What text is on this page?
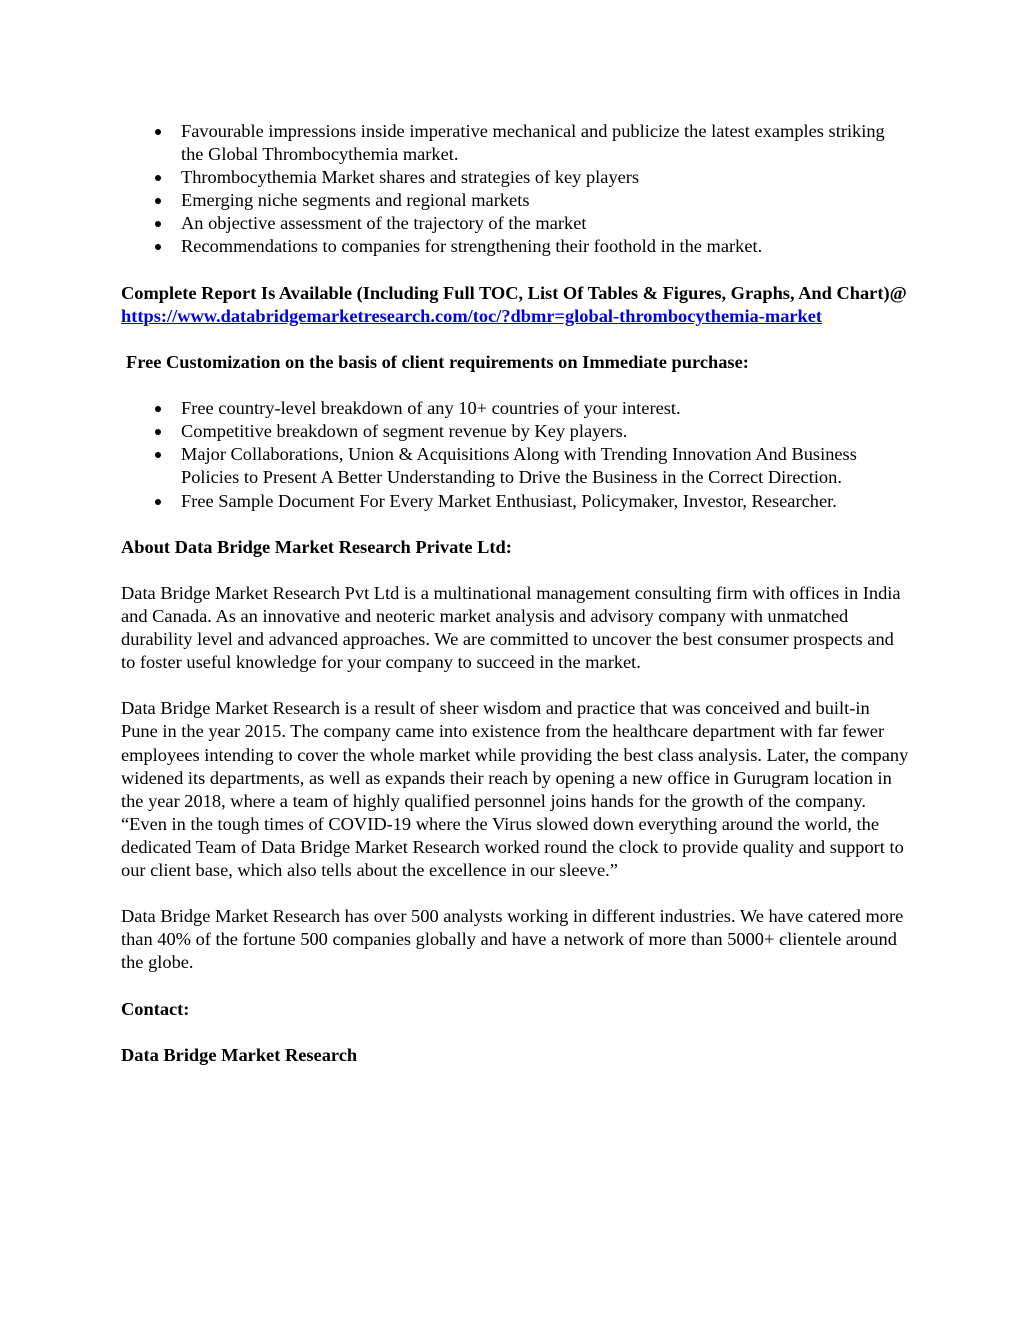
Favourable impressions inside imperative mechanical and publicize the latest examples striking the Global Thrombocythemia market.
Thrombocythemia Market shares and strategies of key players
Emerging niche segments and regional markets
An objective assessment of the trajectory of the market
Recommendations to companies for strengthening their foothold in the market.

Complete Report Is Available (Including Full TOC, List Of Tables & Figures, Graphs, And Chart)@ https://www.databridgemarketresearch.com/toc/?dbmr=global-thrombocythemia-market

Free Customization on the basis of client requirements on Immediate purchase:

Free country-level breakdown of any 10+ countries of your interest.
Competitive breakdown of segment revenue by Key players.
Major Collaborations, Union & Acquisitions Along with Trending Innovation And Business Policies to Present A Better Understanding to Drive the Business in the Correct Direction.
Free Sample Document For Every Market Enthusiast, Policymaker, Investor, Researcher.

About Data Bridge Market Research Private Ltd:

Data Bridge Market Research Pvt Ltd is a multinational management consulting firm with offices in India and Canada. As an innovative and neoteric market analysis and advisory company with unmatched durability level and advanced approaches. We are committed to uncover the best consumer prospects and to foster useful knowledge for your company to succeed in the market.

Data Bridge Market Research is a result of sheer wisdom and practice that was conceived and built-in Pune in the year 2015. The company came into existence from the healthcare department with far fewer employees intending to cover the whole market while providing the best class analysis. Later, the company widened its departments, as well as expands their reach by opening a new office in Gurugram location in the year 2018, where a team of highly qualified personnel joins hands for the growth of the company. “Even in the tough times of COVID-19 where the Virus slowed down everything around the world, the dedicated Team of Data Bridge Market Research worked round the clock to provide quality and support to our client base, which also tells about the excellence in our sleeve.”

Data Bridge Market Research has over 500 analysts working in different industries. We have catered more than 40% of the fortune 500 companies globally and have a network of more than 5000+ clientele around the globe.

Contact:

Data Bridge Market Research
